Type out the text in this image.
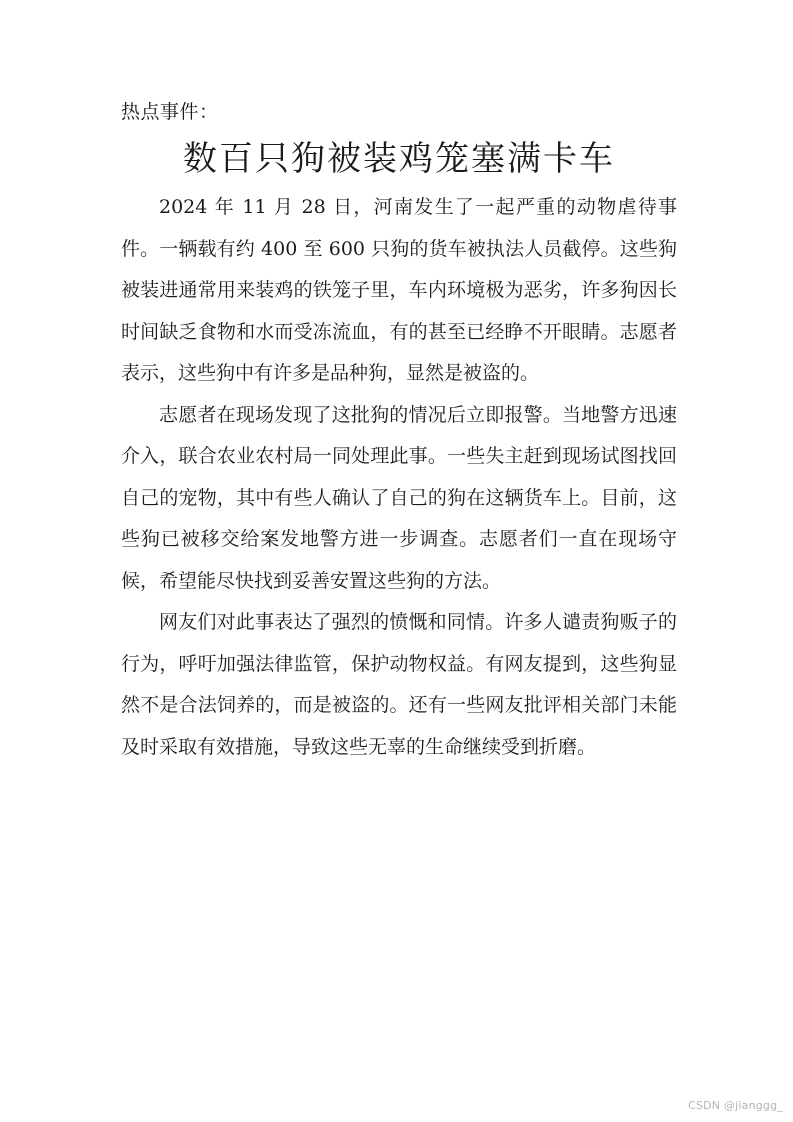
热点事件：
数百只狗被装鸡笼塞满卡车

2024 年 11 月 28 日，河南发生了一起严重的动物虐待事件。一辆载有约 400 至 600 只狗的货车被执法人员截停。这些狗被装进通常用来装鸡的铁笼子里，车内环境极为恶劣，许多狗因长时间缺乏食物和水而受冻流血，有的甚至已经睁不开眼睛。志愿者表示，这些狗中有许多是品种狗，显然是被盗的。

志愿者在现场发现了这批狗的情况后立即报警。当地警方迅速介入，联合农业农村局一同处理此事。一些失主赶到现场试图找回自己的宠物，其中有些人确认了自己的狗在这辆货车上。目前，这些狗已被移交给案发地警方进一步调查。志愿者们一直在现场守候，希望能尽快找到妥善安置这些狗的方法。

网友们对此事表达了强烈的愤慨和同情。许多人谴责狗贩子的行为，呼吁加强法律监管，保护动物权益。有网友提到，这些狗显然不是合法饲养的，而是被盗的。还有一些网友批评相关部门未能及时采取有效措施，导致这些无辜的生命继续受到折磨。

CSDN @jianggg_
